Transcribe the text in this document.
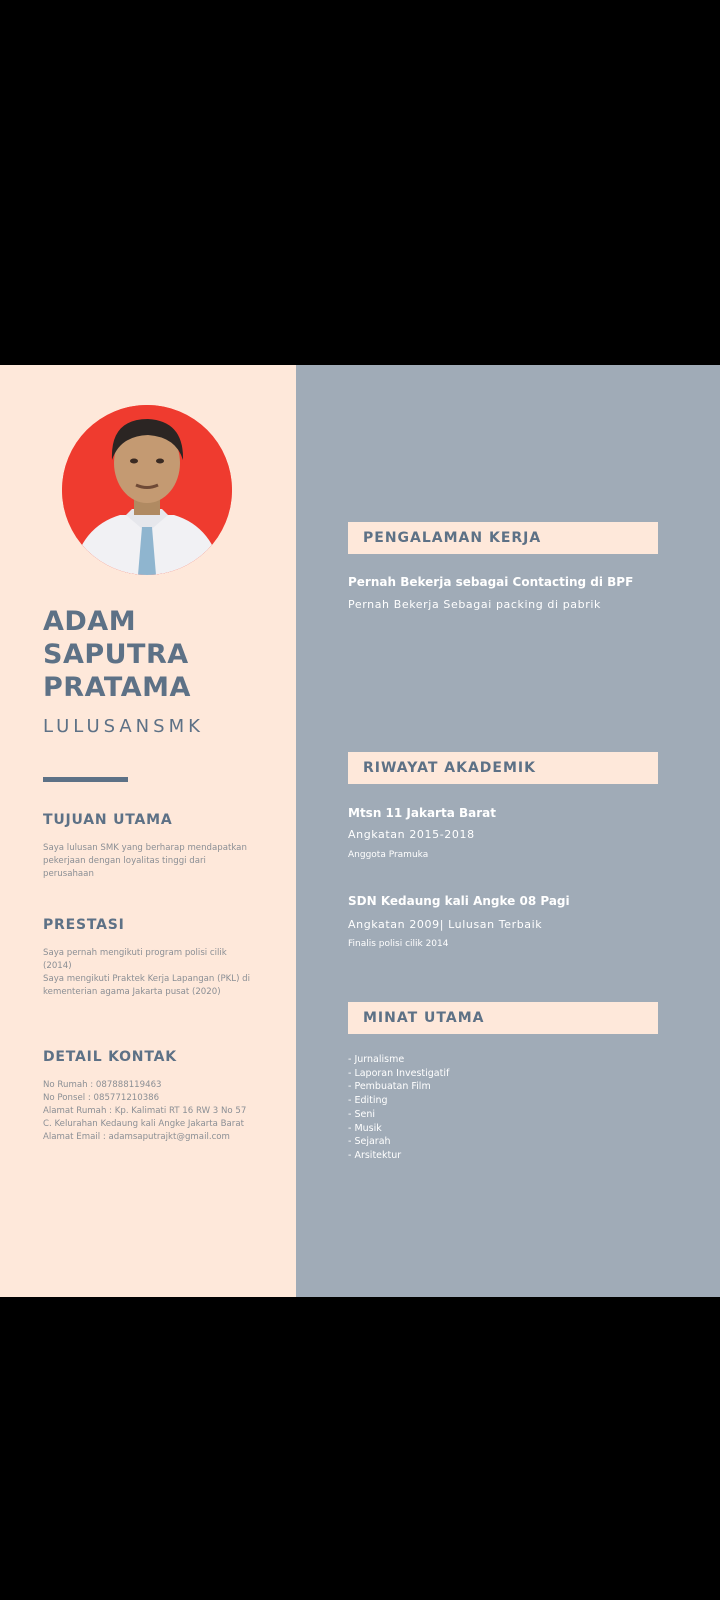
ADAM
SAPUTRA
PRATAMA
LULUSANSMK
TUJUAN UTAMA

Saya lulusan SMK yang berharap mendapatkan pekerjaan dengan loyalitas tinggi dari perusahaan

PRESTASI

Saya pernah mengikuti program polisi cilik (2014)
Saya mengikuti Praktek Kerja Lapangan (PKL) di kementerian agama Jakarta pusat (2020)

DETAIL KONTAK

No Rumah : 087888119463
No Ponsel : 085771210386
Alamat Rumah : Kp. Kalimati RT 16 RW 3 No 57 C. Kelurahan Kedaung kali Angke Jakarta Barat
Alamat Email : adamsaputrajkt@gmail.com

PENGALAMAN KERJA

Pernah Bekerja sebagai Contacting di BPF

Pernah Bekerja Sebagai packing di pabrik

RIWAYAT AKADEMIK

Mtsn 11 Jakarta Barat

Angkatan 2015-2018

Anggota Pramuka

SDN Kedaung kali Angke 08 Pagi

Angkatan 2009| Lulusan Terbaik

Finalis polisi cilik 2014

MINAT UTAMA
- Jurnalisme
- Laporan Investigatif
- Pembuatan Film
- Editing
- Seni
- Musik
- Sejarah
- Arsitektur
